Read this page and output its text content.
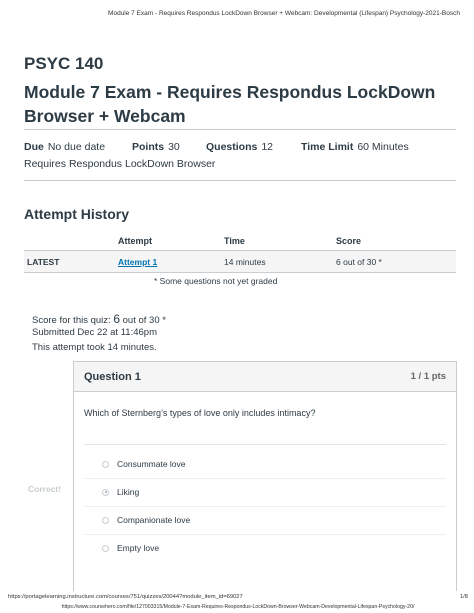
Module 7 Exam - Requires Respondus LockDown Browser + Webcam: Developmental (Lifespan) Psychology-2021-Bosch
PSYC 140
Module 7 Exam - Requires Respondus LockDown Browser + Webcam
Due No due date	Points 30	Questions 12	Time Limit 60 Minutes
Requires Respondus LockDown Browser
Attempt History
	Attempt	Time	Score
LATEST	Attempt 1	14 minutes	6 out of 30 *
* Some questions not yet graded
Score for this quiz: 6 out of 30 *
Submitted Dec 22 at 11:46pm
This attempt took 14 minutes.
Correct!
Question 1	1 / 1 pts
Which of Sternberg’s types of love only includes intimacy?
Consummate love
Liking
Companionate love
Empty love
https://portagelearning.instructure.com/courses/751/quizzes/20044?module_item_id=69027	1/8
https://www.coursehero.com/file/127003315/Module-7-Exam-Requires-Respondus-LockDown-Browser-Webcam-Developmental-Lifespan-Psychology-20/
